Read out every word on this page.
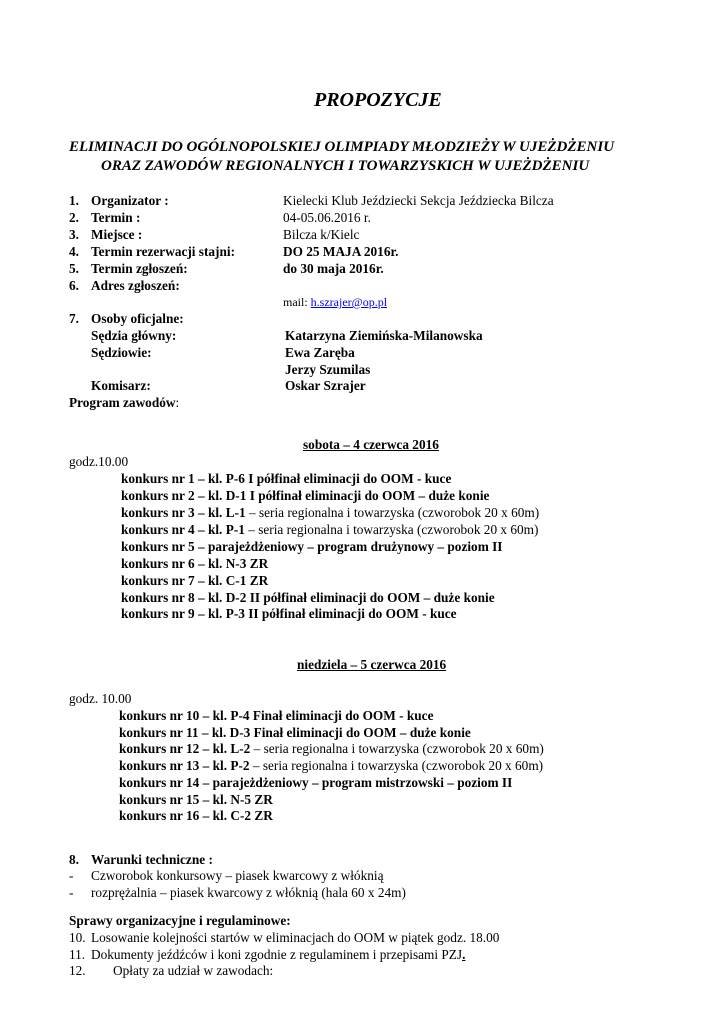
PROPOZYCJE
ELIMINACJI DO OGÓLNOPOLSKIEJ OLIMPIADY MŁODZIEŻY W UJEŻDŻENIU
ORAZ ZAWODÓW REGIONALNYCH I TOWARZYSKICH W UJEŻDŻENIU
1. Organizator :	Kielecki Klub Jeździecki Sekcja Jeździecka Bilcza
2. Termin :	04-05.06.2016 r.
3. Miejsce :	Bilcza k/Kielc
4. Termin rezerwacji stajni:	DO 25 MAJA 2016r.
5. Termin zgłoszeń:	do 30 maja 2016r.
6. Adres zgłoszeń:
mail: h.szrajer@op.pl
7. Osoby oficjalne:
Sędzia główny:	Katarzyna Ziemińska-Milanowska
Sędziowie:	Ewa Zaręba
Jerzy Szumilas
Komisarz:	Oskar Szrajer
Program zawodów:
sobota – 4 czerwca 2016
godz.10.00
konkurs nr 1 – kl. P-6 I półfinał eliminacji do OOM - kuce
konkurs nr 2 – kl. D-1 I półfinał eliminacji do OOM – duże konie
konkurs nr 3 – kl. L-1 – seria regionalna i towarzyska (czworobok 20 x 60m)
konkurs nr 4 – kl. P-1 – seria regionalna i towarzyska (czworobok 20 x 60m)
konkurs nr 5 – parajeżdżeniowy – program drużynowy – poziom II
konkurs nr 6 – kl. N-3 ZR
konkurs nr 7 – kl. C-1 ZR
konkurs nr 8 – kl. D-2 II półfinał eliminacji do OOM – duże konie
konkurs nr 9 – kl. P-3 II półfinał eliminacji do OOM - kuce
niedziela – 5 czerwca 2016
godz. 10.00
konkurs nr 10 – kl. P-4 Finał eliminacji do OOM - kuce
konkurs nr 11 – kl. D-3 Finał eliminacji do OOM – duże konie
konkurs nr 12 – kl. L-2 – seria regionalna i towarzyska (czworobok 20 x 60m)
konkurs nr 13 – kl. P-2 – seria regionalna i towarzyska (czworobok 20 x 60m)
konkurs nr 14 – parajeżdżeniowy – program mistrzowski – poziom II
konkurs nr 15 – kl. N-5 ZR
konkurs nr 16 – kl. C-2 ZR
8. Warunki techniczne :
- Czworobok konkursowy – piasek kwarcowy z włóknią
- rozprężalnia – piasek kwarcowy z włóknią (hala 60 x 24m)
Sprawy organizacyjne i regulaminowe:
10. Losowanie kolejności startów w eliminacjach do OOM w piątek godz. 18.00
11. Dokumenty jeźdźców i koni zgodnie z regulaminem i przepisami PZJ.
12. Opłaty za udział w zawodach:
